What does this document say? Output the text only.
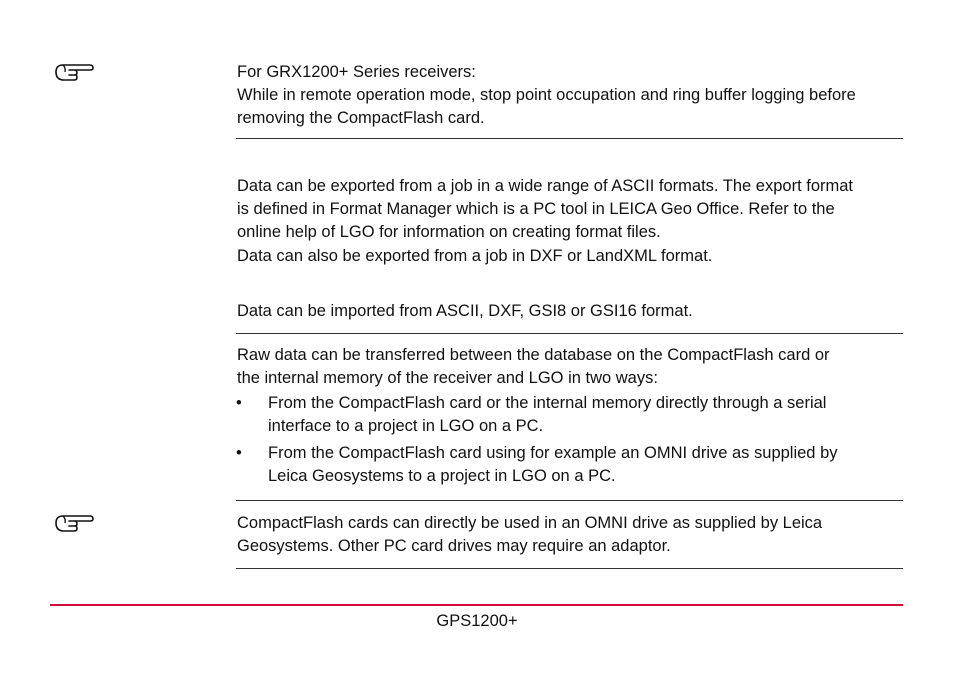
For GRX1200+ Series receivers:
While in remote operation mode, stop point occupation and ring buffer logging before
removing the CompactFlash card.
Data can be exported from a job in a wide range of ASCII formats. The export format
is defined in Format Manager which is a PC tool in LEICA Geo Office. Refer to the
online help of LGO for information on creating format files.
Data can also be exported from a job in DXF or LandXML format.
Data can be imported from ASCII, DXF, GSI8 or GSI16 format.
Raw data can be transferred between the database on the CompactFlash card or
the internal memory of the receiver and LGO in two ways:
• From the CompactFlash card or the internal memory directly through a serial
interface to a project in LGO on a PC.
• From the CompactFlash card using for example an OMNI drive as supplied by
Leica Geosystems to a project in LGO on a PC.
CompactFlash cards can directly be used in an OMNI drive as supplied by Leica
Geosystems. Other PC card drives may require an adaptor.
GPS1200+
